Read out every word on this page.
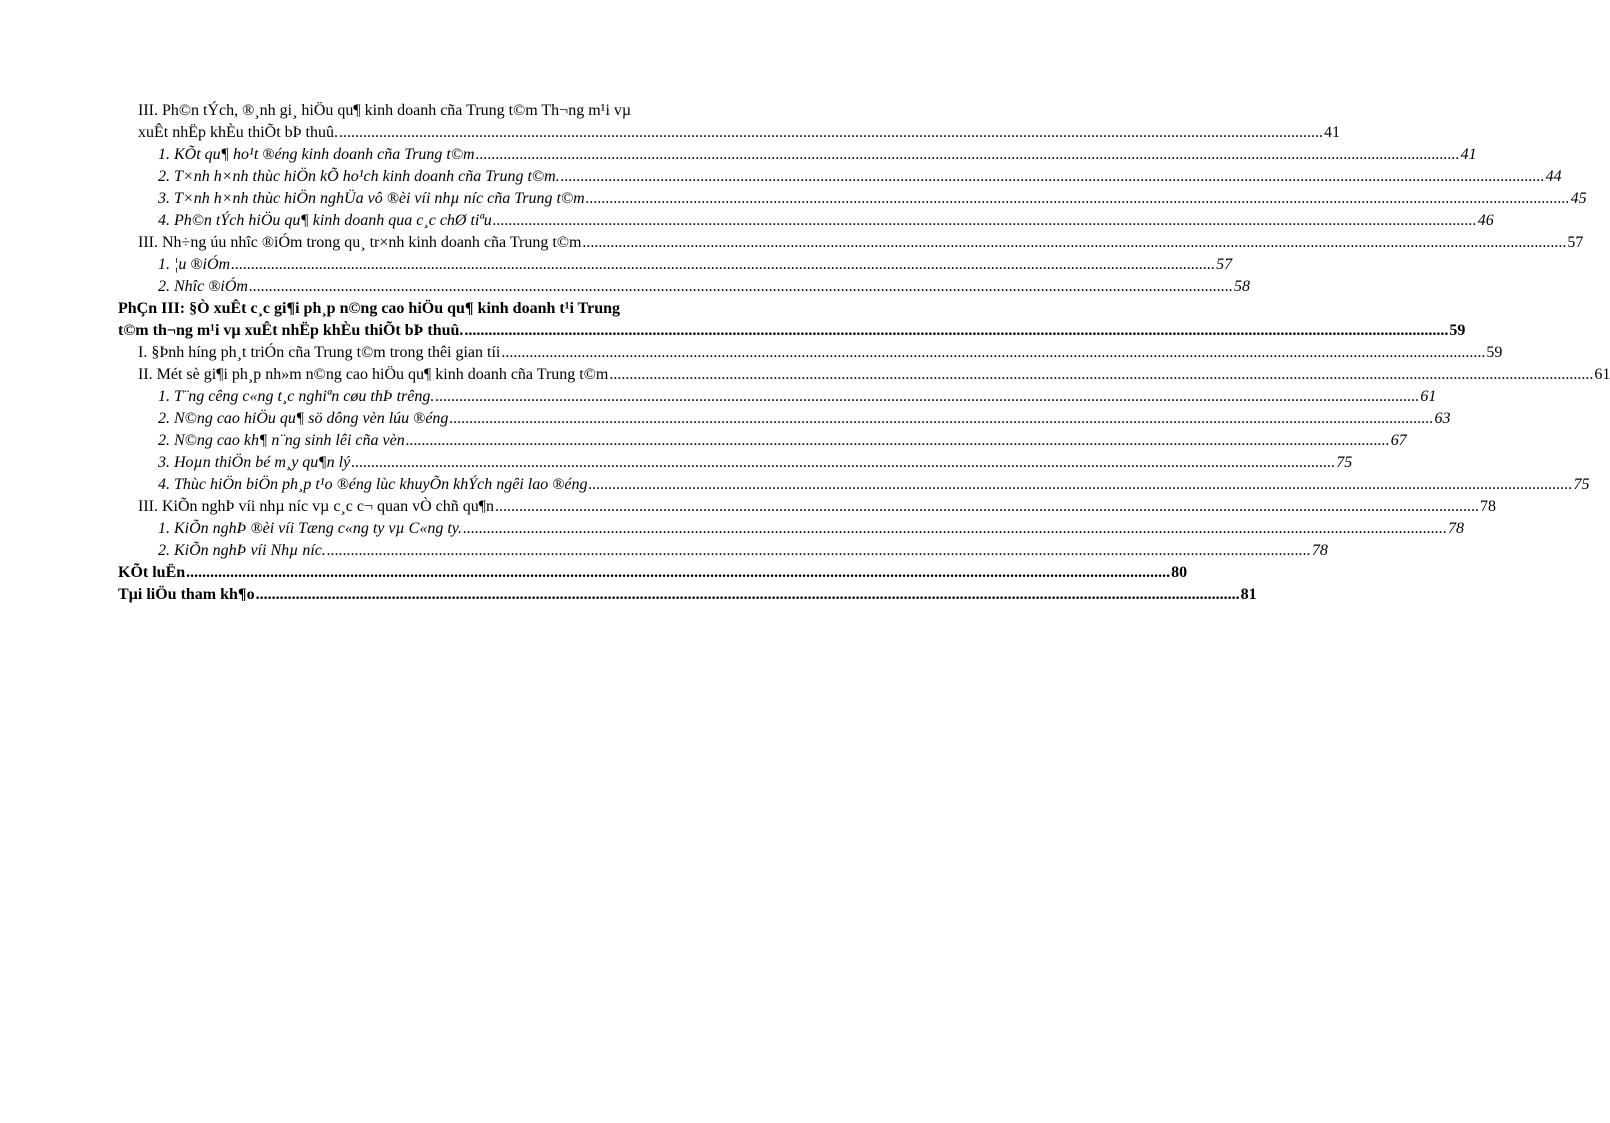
III. Ph©n tÝch, ®¸nh gi¸ hiÖu qu¶ kinh doanh cña Trung t©m Th¬ng m¹i vµ
xuÊt nhËp khÈu thiÕt bÞ thuû. .....	41
1. KÕt qu¶ ho¹t ®éng kinh doanh cña Trung t©m .....	41
2. T×nh h×nh thùc hiÖn kÕ ho¹ch kinh doanh cña Trung t©m. .....	44
3. T×nh h×nh thùc hiÖn nghÜa vô ®èi víi nhµ níc cña Trung t©m .....	45
4. Ph©n tÝch hiÖu qu¶ kinh doanh qua c¸c chØ tiªu .....	46
III. Nh÷ng úu nhîc ®iÓm trong qu¸ tr×nh kinh doanh cña Trung t©m .....	57
1. ¦u ®iÓm .....	57
2. Nhîc ®iÓm .....	58
PhÇn III: §Ò xuÊt c¸c gi¶i ph¸p n©ng cao hiÖu qu¶ kinh doanh t¹i Trung
t©m th¬ng m¹i vµ xuÊt nhËp khÈu thiÕt bÞ thuû. .....	59
I. §Þnh híng ph¸t triÓn cña Trung t©m trong thêi gian tíi .....	59
II. Mét sè gi¶i ph¸p nh»m n©ng cao hiÖu qu¶ kinh doanh cña Trung t©m .....	61
1. T¨ng cêng c«ng t¸c nghiªn cøu thÞ trêng. .....	61
2. N©ng cao hiÖu qu¶ sö dông vèn lúu ®éng .....	63
2. N©ng cao kh¶ n¨ng sinh lêi cña vèn .....	67
3. Hoµn thiÖn bé m¸y qu¶n lý .....	75
4. Thùc hiÖn biÖn ph¸p t¹o ®éng lùc khuyÕn khÝch ngêi lao ®éng .....	75
III. KiÕn nghÞ víi nhµ níc vµ c¸c c¬ quan vÒ chñ qu¶n .....	78
1. KiÕn nghÞ ®èi víi Tæng c«ng ty vµ C«ng ty. .....	78
2. KiÕn nghÞ víi Nhµ níc. .....	78
KÕt luËn .....	80
Tµi liÖu tham kh¶o .....	81
